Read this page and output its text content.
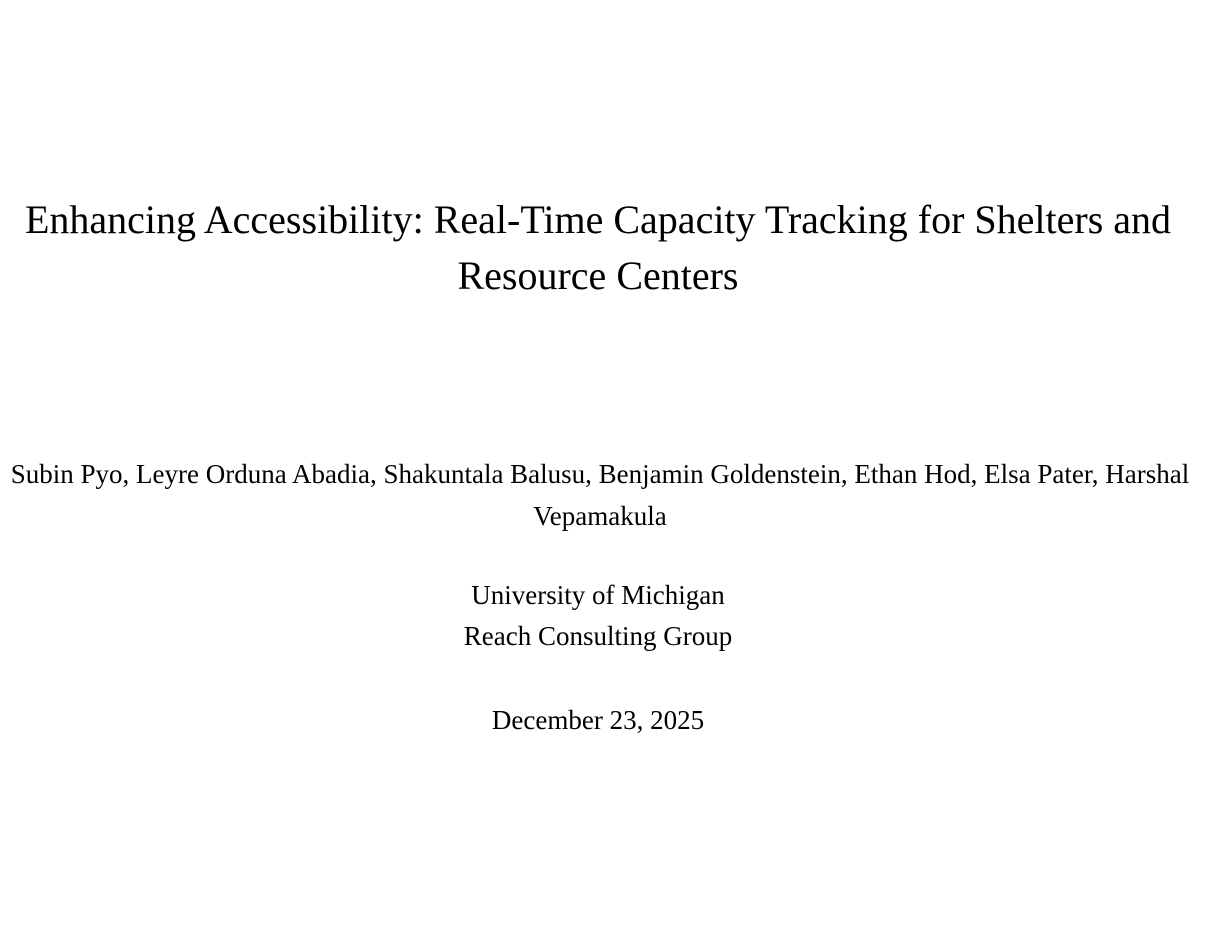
Enhancing Accessibility: Real-Time Capacity Tracking for Shelters and Resource Centers

Subin Pyo, Leyre Orduna Abadia, Shakuntala Balusu, Benjamin Goldenstein, Ethan Hod, Elsa Pater, Harshal Vepamakula

University of Michigan
Reach Consulting Group

December 23, 2025
